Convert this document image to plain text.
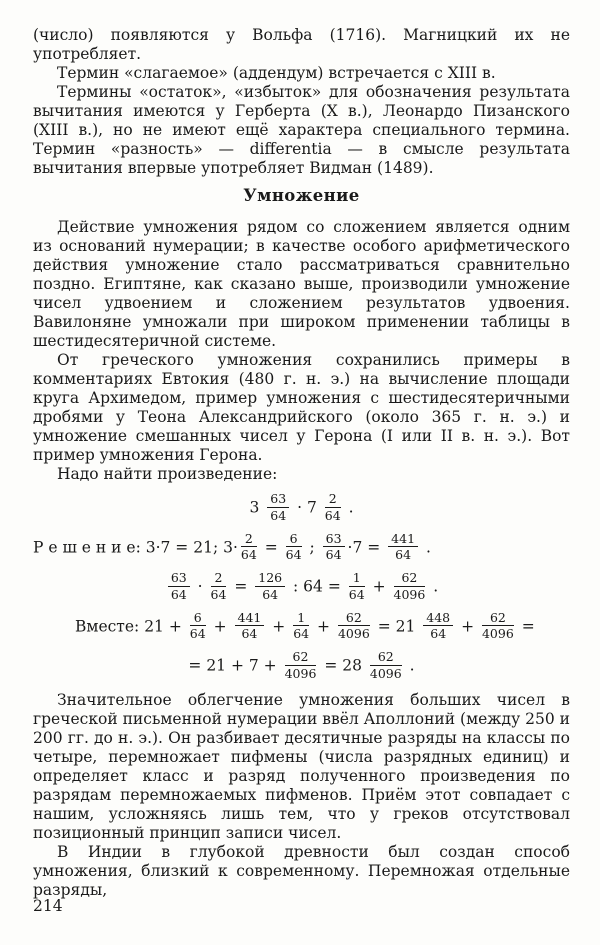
(число) появляются у Вольфа (1716). Магницкий их не употребляет.

Термин «слагаемое» (аддендум) встречается с XIII в.

Термины «остаток», «избыток» для обозначения результата вычитания имеются у Герберта (X в.), Леонардо Пизанского (XIII в.), но не имеют ещё характера специального термина. Термин «разность» — differentia — в смысле результата вычитания впервые употребляет Видман (1489).

Умножение

Действие умножения рядом со сложением является одним из оснований нумерации; в качестве особого арифметического действия умножение стало рассматриваться сравнительно поздно. Египтяне, как сказано выше, производили умножение чисел удвоением и сложением результатов удвоения. Вавилоняне умножали при широком применении таблицы в шестидесятеричной системе.

От греческого умножения сохранились примеры в комментариях Евтокия (480 г. н. э.) на вычисление площади круга Архимедом, пример умножения с шестидесятеричными дробями у Теона Александрийского (около 365 г. н. э.) и умножение смешанных чисел у Герона (I или II в. н. э.). Вот пример умножения Герона.

Надо найти произведение:

$3 \frac{63}{64} \cdot 7 \frac{2}{64}$ .
Р е ш е н и е: 3·7 = 21; $3\cdot \frac{2}{64} = \frac{6}{64}$ ; $\frac{63}{64} \cdot 7 = \frac{441}{64}$ .
$\frac{63}{64} \cdot \frac{2}{64} = \frac{126}{64}$ : $64 = \frac{1}{64} + \frac{62}{4096}$ .
Вместе: $21 + \frac{6}{64} + \frac{441}{64} + \frac{1}{64} + \frac{62}{4096} = 21 \frac{448}{64} + \frac{62}{4096}$ =
= $21 + 7 + \frac{62}{4096} = 28 \frac{62}{4096}$ .

Значительное облегчение умножения больших чисел в греческой письменной нумерации ввёл Аполлоний (между 250 и 200 гг. до н. э.). Он разбивает десятичные разряды на классы по четыре, перемножает пифмены (числа разрядных единиц) и определяет класс и разряд полученного произведения по разрядам перемножаемых пифменов. Приём этот совпадает с нашим, усложняясь лишь тем, что у греков отсутствовал позиционный принцип записи чисел.

В Индии в глубокой древности был создан способ умножения, близкий к современному. Перемножая отдельные разряды,

214
